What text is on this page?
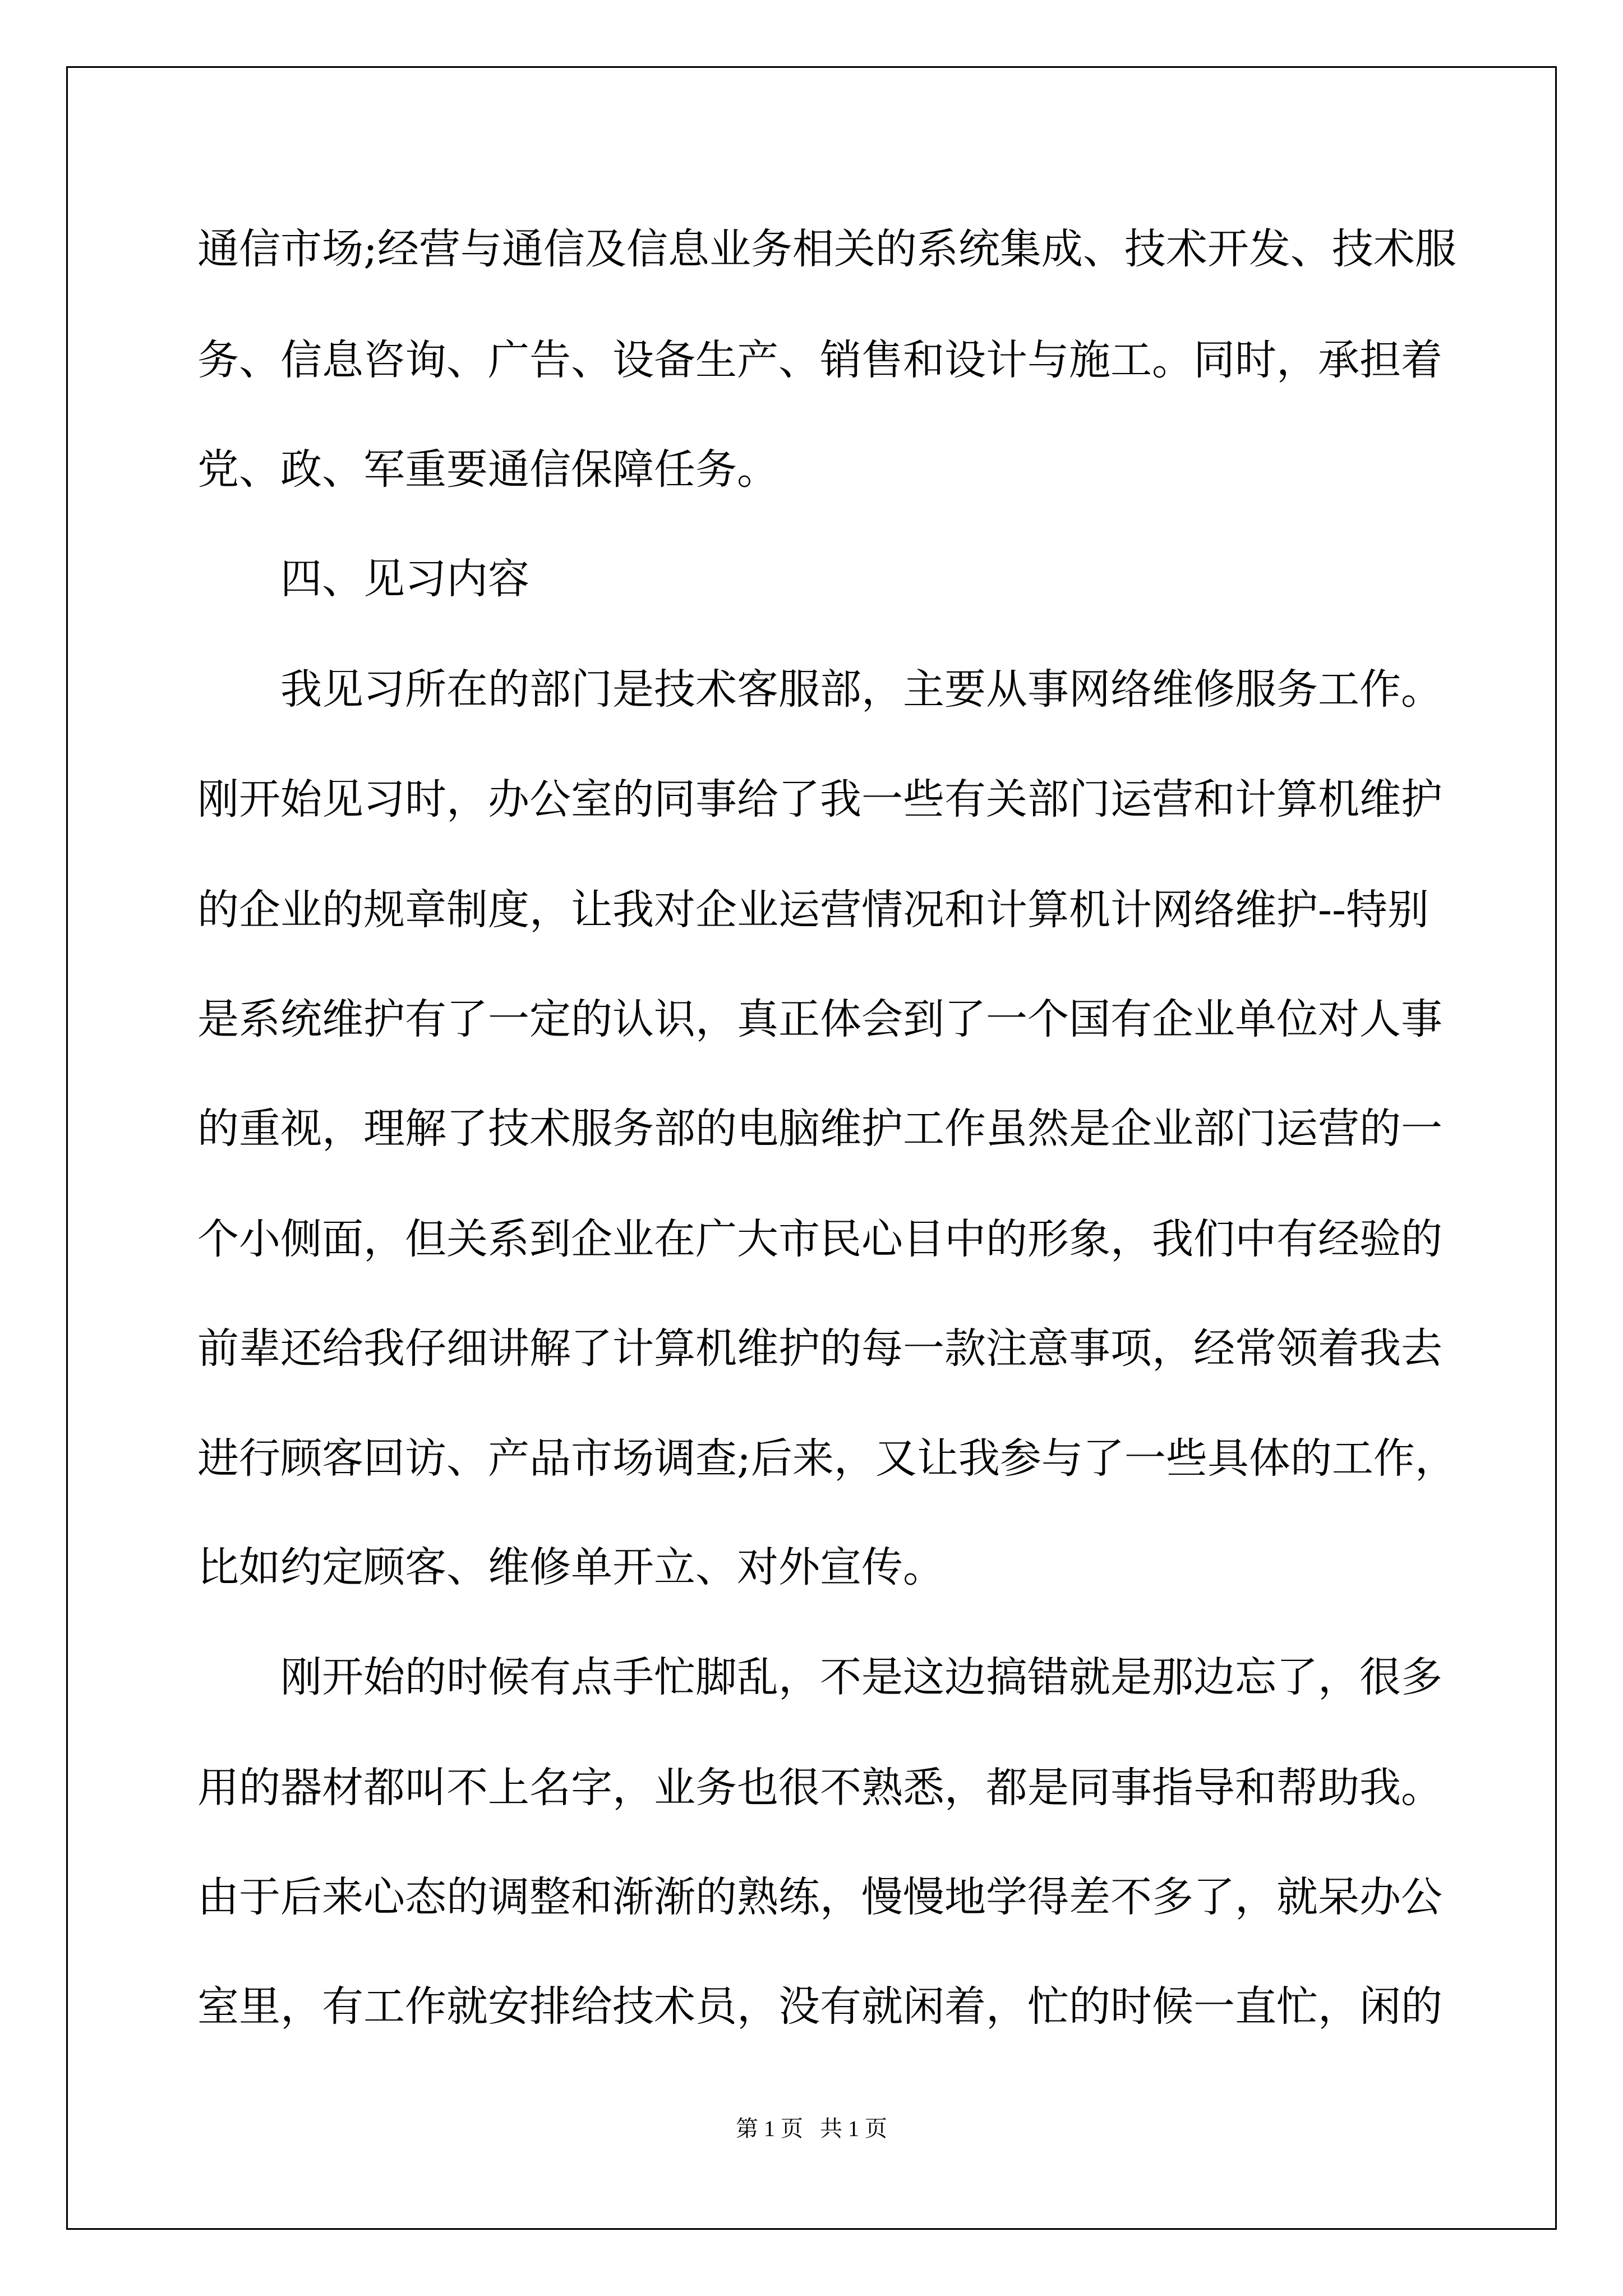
通信市场;经营与通信及信息业务相关的系统集成、技术开发、技术服

务、信息咨询、广告、设备生产、销售和设计与施工。同时，承担着

党、政、军重要通信保障任务。

四、见习内容

我见习所在的部门是技术客服部，主要从事网络维修服务工作。

刚开始见习时，办公室的同事给了我一些有关部门运营和计算机维护

的企业的规章制度，让我对企业运营情况和计算机计网络维护--特别

是系统维护有了一定的认识，真正体会到了一个国有企业单位对人事

的重视，理解了技术服务部的电脑维护工作虽然是企业部门运营的一

个小侧面，但关系到企业在广大市民心目中的形象，我们中有经验的

前辈还给我仔细讲解了计算机维护的每一款注意事项，经常领着我去

进行顾客回访、产品市场调查;后来，又让我参与了一些具体的工作，

比如约定顾客、维修单开立、对外宣传。

刚开始的时候有点手忙脚乱，不是这边搞错就是那边忘了，很多

用的器材都叫不上名字，业务也很不熟悉，都是同事指导和帮助我。

由于后来心态的调整和渐渐的熟练，慢慢地学得差不多了，就呆办公

室里，有工作就安排给技术员，没有就闲着，忙的时候一直忙，闲的

第 1 页   共 1 页
